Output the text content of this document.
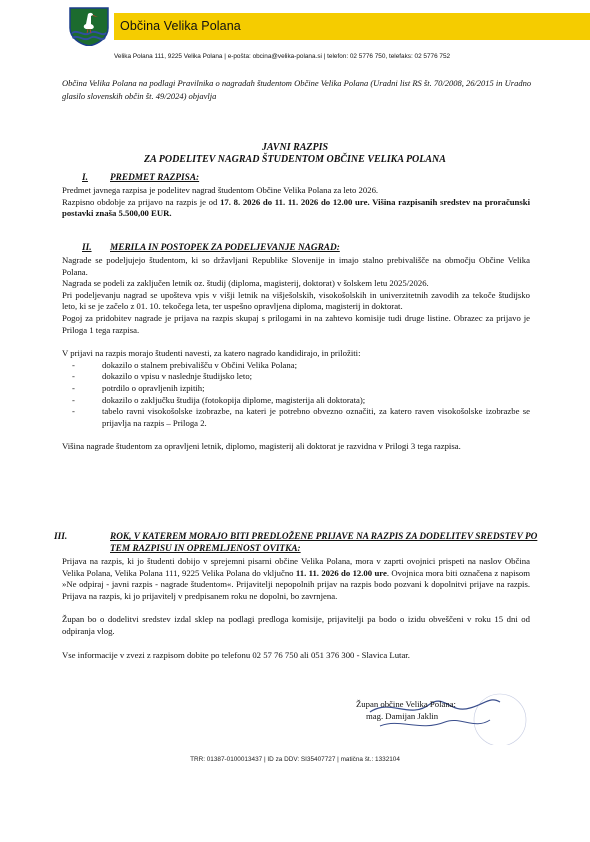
Občina Velika Polana
Velika Polana 111, 9225 Velika Polana | e-pošta: obcina@velika-polana.si | telefon: 02 5776 750, telefaks: 02 5776 752
Občina Velika Polana na podlagi Pravilnika o nagradah študentom Občine Velika Polana (Uradni list RS št. 70/2008, 26/2015 in Uradno glasilo slovenskih občin št. 49/2024) objavlja
JAVNI RAZPIS
ZA PODELITEV NAGRAD ŠTUDENTOM OBČINE VELIKA POLANA
I. PREDMET RAZPISA:

Predmet javnega razpisa je podelitev nagrad študentom Občine Velika Polana za leto 2026.

Razpisno obdobje za prijavo na razpis je od 17. 8. 2026 do 11. 11. 2026 do 12.00 ure. Višina razpisanih sredstev na proračunski postavki znaša 5.500,00 EUR.

II. MERILA IN POSTOPEK ZA PODELJEVANJE NAGRAD:

Nagrade se podeljujejo študentom, ki so državljani Republike Slovenije in imajo stalno prebivališče na območju Občine Velika Polana.

Nagrada se podeli za zaključen letnik oz. študij (diploma, magisterij, doktorat) v šolskem letu 2025/2026.

Pri podeljevanju nagrad se upošteva vpis v višji letnik na višješolskih, visokošolskih in univerzitetnih zavodih za tekoče študijsko leto, ki se je začelo z 01. 10. tekočega leta, ter uspešno opravljena diploma, magisterij in doktorat.

Pogoj za pridobitev nagrade je prijava na razpis skupaj s prilogami in na zahtevo komisije tudi druge listine. Obrazec za prijavo je Priloga 1 tega razpisa.

V prijavi na razpis morajo študenti navesti, za katero nagrado kandidirajo, in priložiti:

-	dokazilo o stalnem prebivališču v Občini Velika Polana;
-	dokazilo o vpisu v naslednje študijsko leto;
-	potrdilo o opravljenih izpitih;
-	dokazilo o zaključku študija (fotokopija diplome, magisterija ali doktorata);
-	tabelo ravni visokošolske izobrazbe, na kateri je potrebno obvezno označiti, za katero raven visokošolske izobrazbe se prijavlja na razpis – Priloga 2.

Višina nagrade študentom za opravljeni letnik, diplomo, magisterij ali doktorat je razvidna v Prilogi 3 tega razpisa.

III.	ROK, V KATEREM MORAJO BITI PREDLOŽENE PRIJAVE NA RAZPIS ZA DODELITEV SREDSTEV PO TEM RAZPISU IN OPREMLJENOST OVITKA:

Prijava na razpis, ki jo študenti dobijo v sprejemni pisarni občine Velika Polana, mora v zaprti ovojnici prispeti na naslov Občina Velika Polana, Velika Polana 111, 9225 Velika Polana do vključno 11. 11. 2026 do 12.00 ure. Ovojnica mora biti označena z napisom »Ne odpiraj - javni razpis - nagrade študentom«. Prijavitelji nepopolnih prijav na razpis bodo pozvani k dopolnitvi prijave na razpis. Prijava na razpis, ki jo prijavitelj v predpisanem roku ne dopolni, bo zavrnjena.

Župan bo o dodelitvi sredstev izdal sklep na podlagi predloga komisije, prijavitelji pa bodo o izidu obveščeni v roku 15 dni od odpiranja vlog.

Vse informacije v zvezi z razpisom dobite po telefonu 02 57 76 750 ali 051 376 300 - Slavica Lutar.

Župan občine Velika Polana:
mag. Damijan Jaklin
TRR: 01387-0100013437 | ID za DDV: SI35407727 | matična št.: 1332104
